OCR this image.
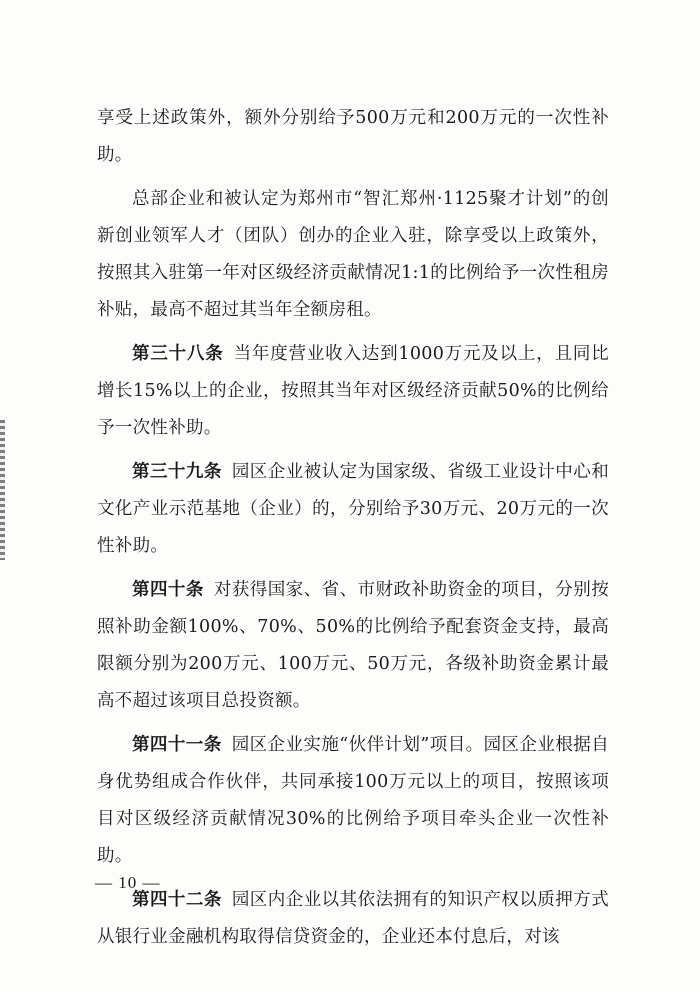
享受上述政策外，额外分别给予500万元和200万元的一次性补助。

总部企业和被认定为郑州市“智汇郑州·1125聚才计划”的创新创业领军人才（团队）创办的企业入驻，除享受以上政策外，按照其入驻第一年对区级经济贡献情况1:1的比例给予一次性租房补贴，最高不超过其当年全额房租。

第三十八条 当年度营业收入达到1000万元及以上，且同比增长15%以上的企业，按照其当年对区级经济贡献50%的比例给予一次性补助。

第三十九条 园区企业被认定为国家级、省级工业设计中心和文化产业示范基地（企业）的，分别给予30万元、20万元的一次性补助。

第四十条 对获得国家、省、市财政补助资金的项目，分别按照补助金额100%、70%、50%的比例给予配套资金支持，最高限额分别为200万元、100万元、50万元，各级补助资金累计最高不超过该项目总投资额。

第四十一条 园区企业实施“伙伴计划”项目。园区企业根据自身优势组成合作伙伴，共同承接100万元以上的项目，按照该项目对区级经济贡献情况30%的比例给予项目牵头企业一次性补助。

第四十二条 园区内企业以其依法拥有的知识产权以质押方式从银行业金融机构取得信贷资金的，企业还本付息后，对该

— 10 —
